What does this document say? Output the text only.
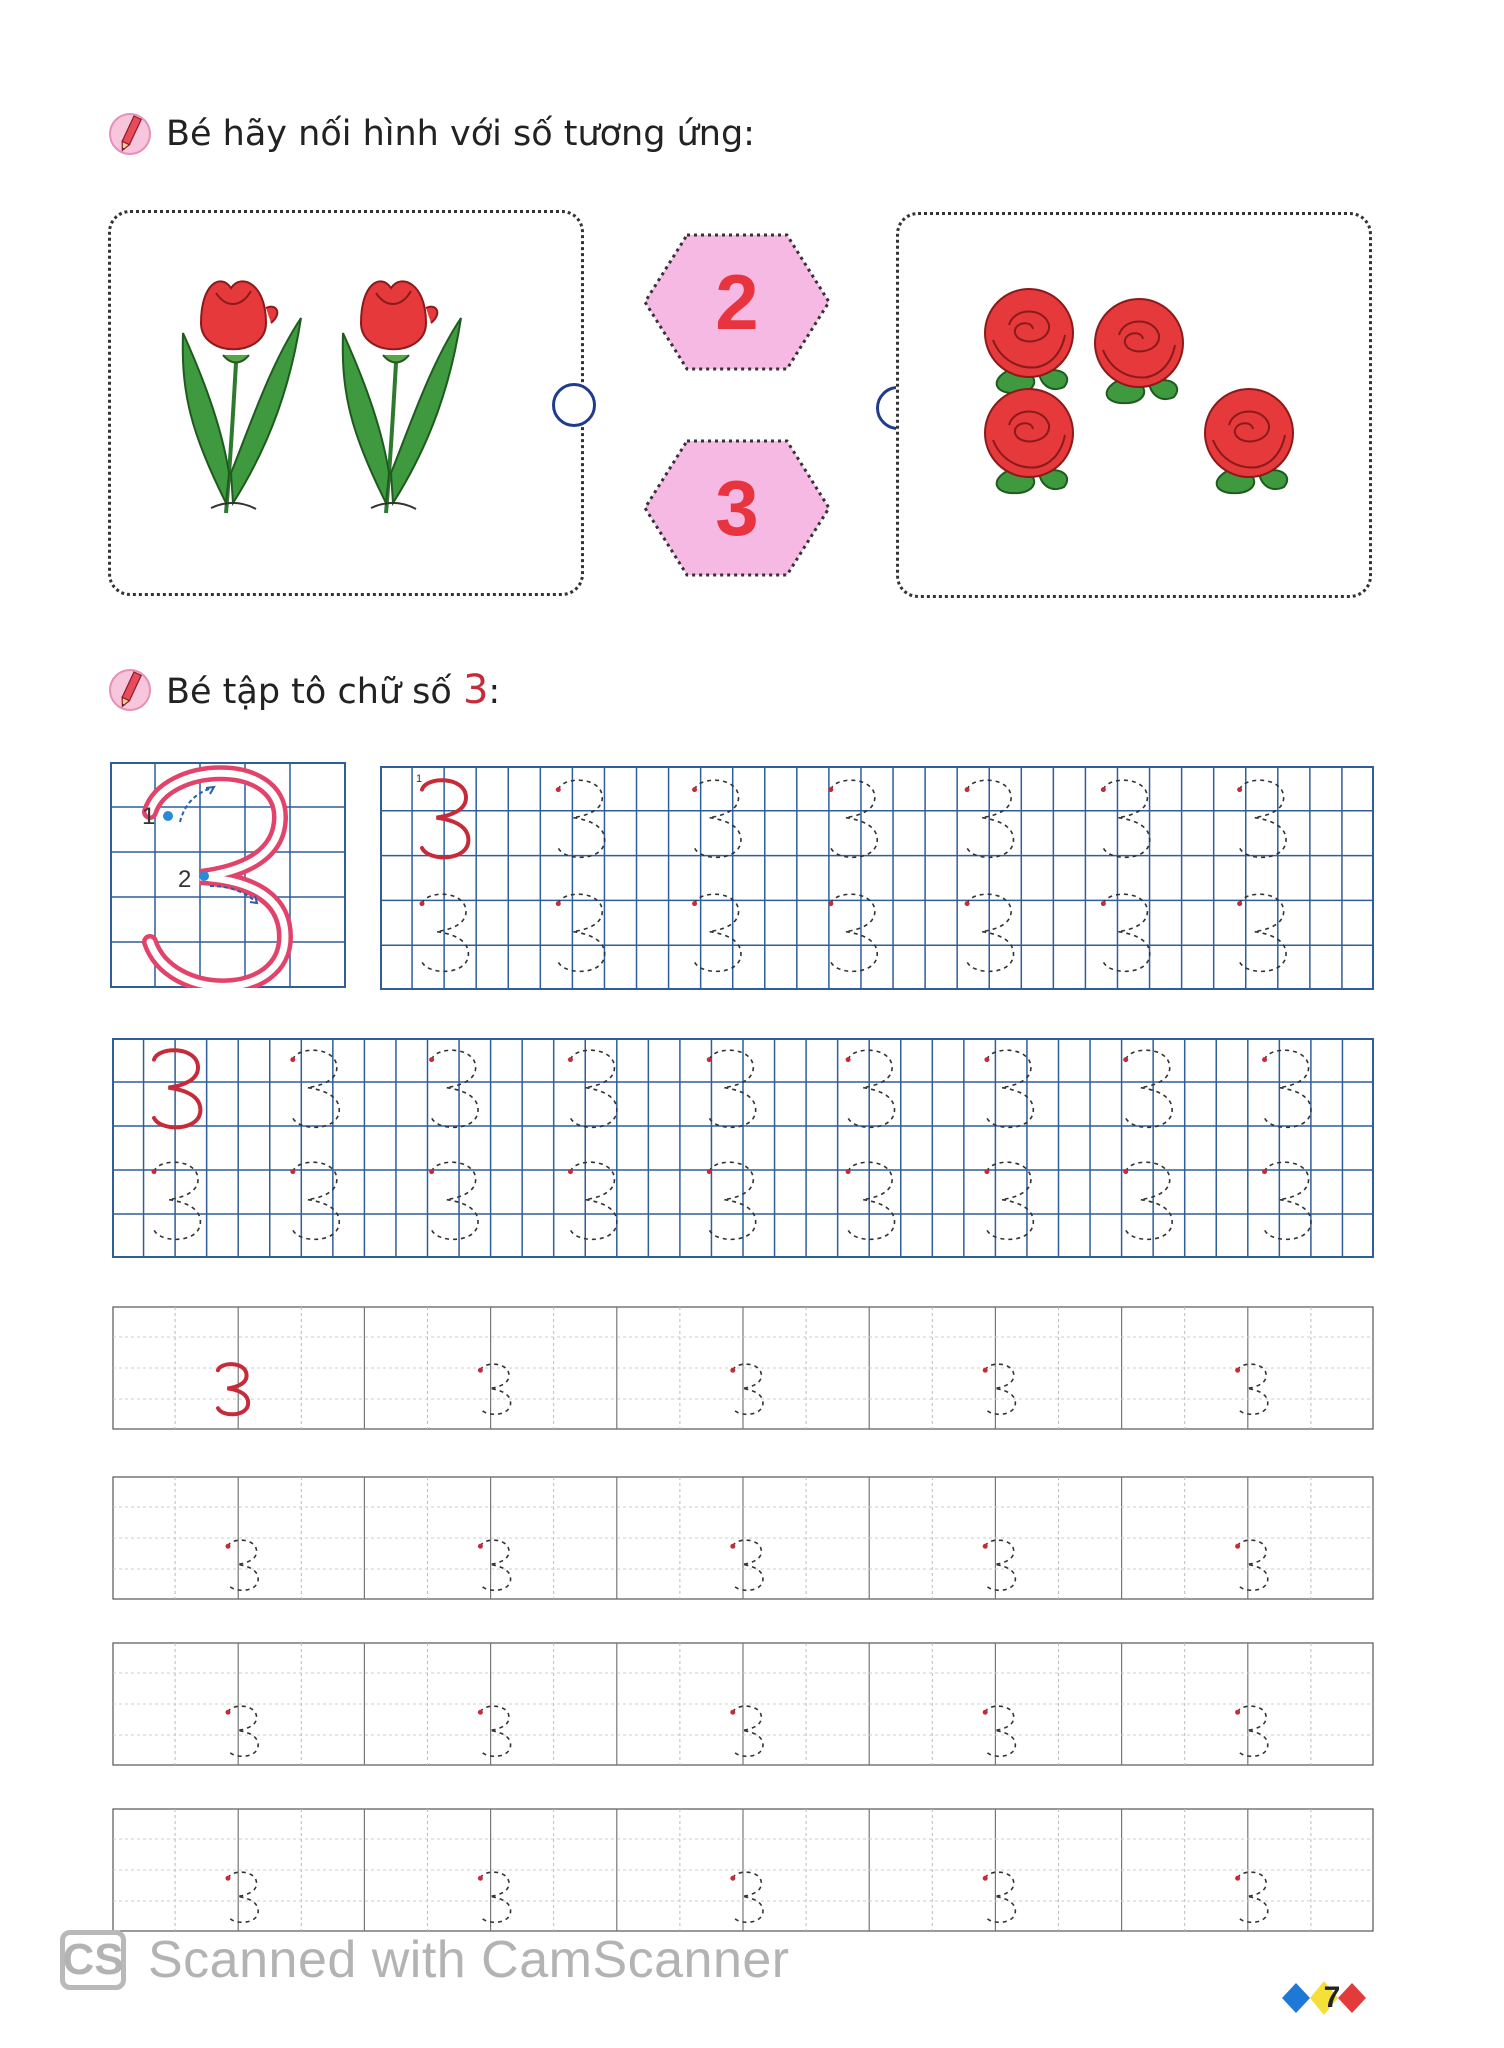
Bé hãy nối hình với số tương ứng:
2
3
Bé tập tô chữ số 3:
1
2
1
CS Scanned with CamScanner
7
